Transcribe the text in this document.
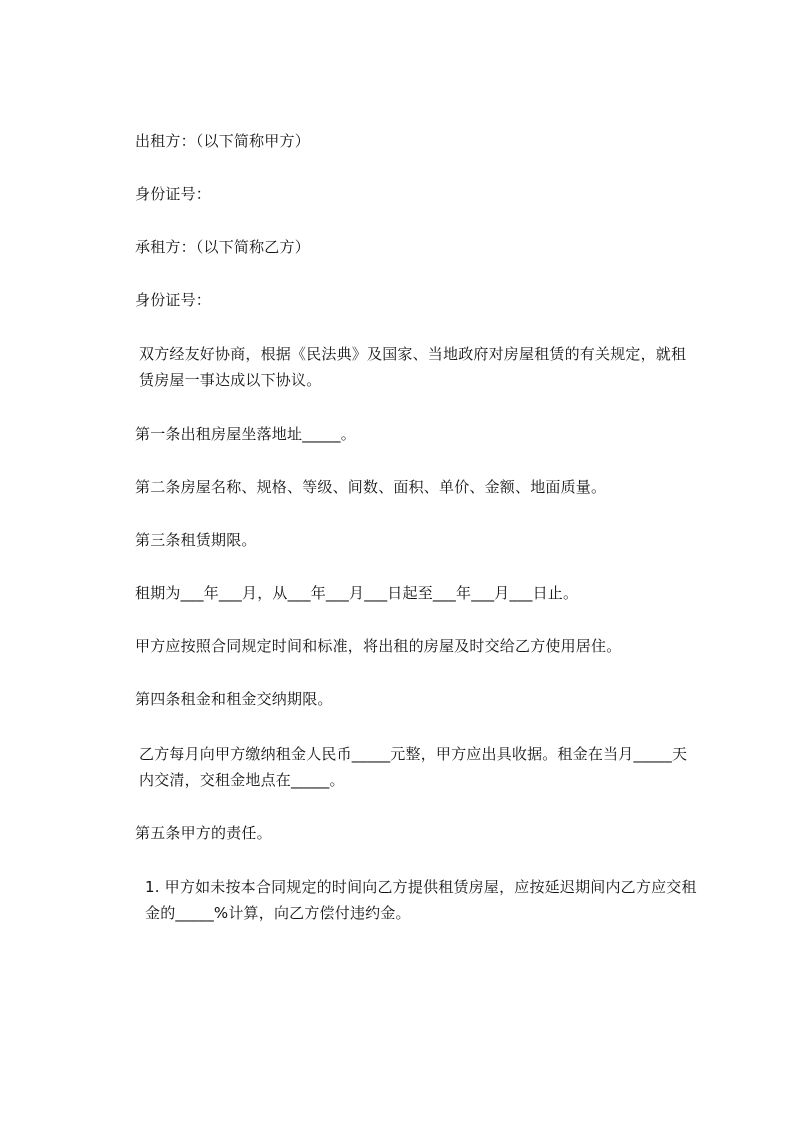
出租方：（以下简称甲方）

身份证号：

承租方：（以下简称乙方）

身份证号：

双方经友好协商，根据《民法典》及国家、当地政府对房屋租赁的有关规定，就租赁房屋一事达成以下协议。

第一条出租房屋坐落地址_____。

第二条房屋名称、规格、等级、间数、面积、单价、金额、地面质量。

第三条租赁期限。

租期为___年___月，从___年___月___日起至___年___月___日止。

甲方应按照合同规定时间和标准，将出租的房屋及时交给乙方使用居住。

第四条租金和租金交纳期限。

乙方每月向甲方缴纳租金人民币_____元整，甲方应出具收据。租金在当月_____天内交清，交租金地点在_____。

第五条甲方的责任。

1. 甲方如未按本合同规定的时间向乙方提供租赁房屋，应按延迟期间内乙方应交租金的_____%计算，向乙方偿付违约金。
